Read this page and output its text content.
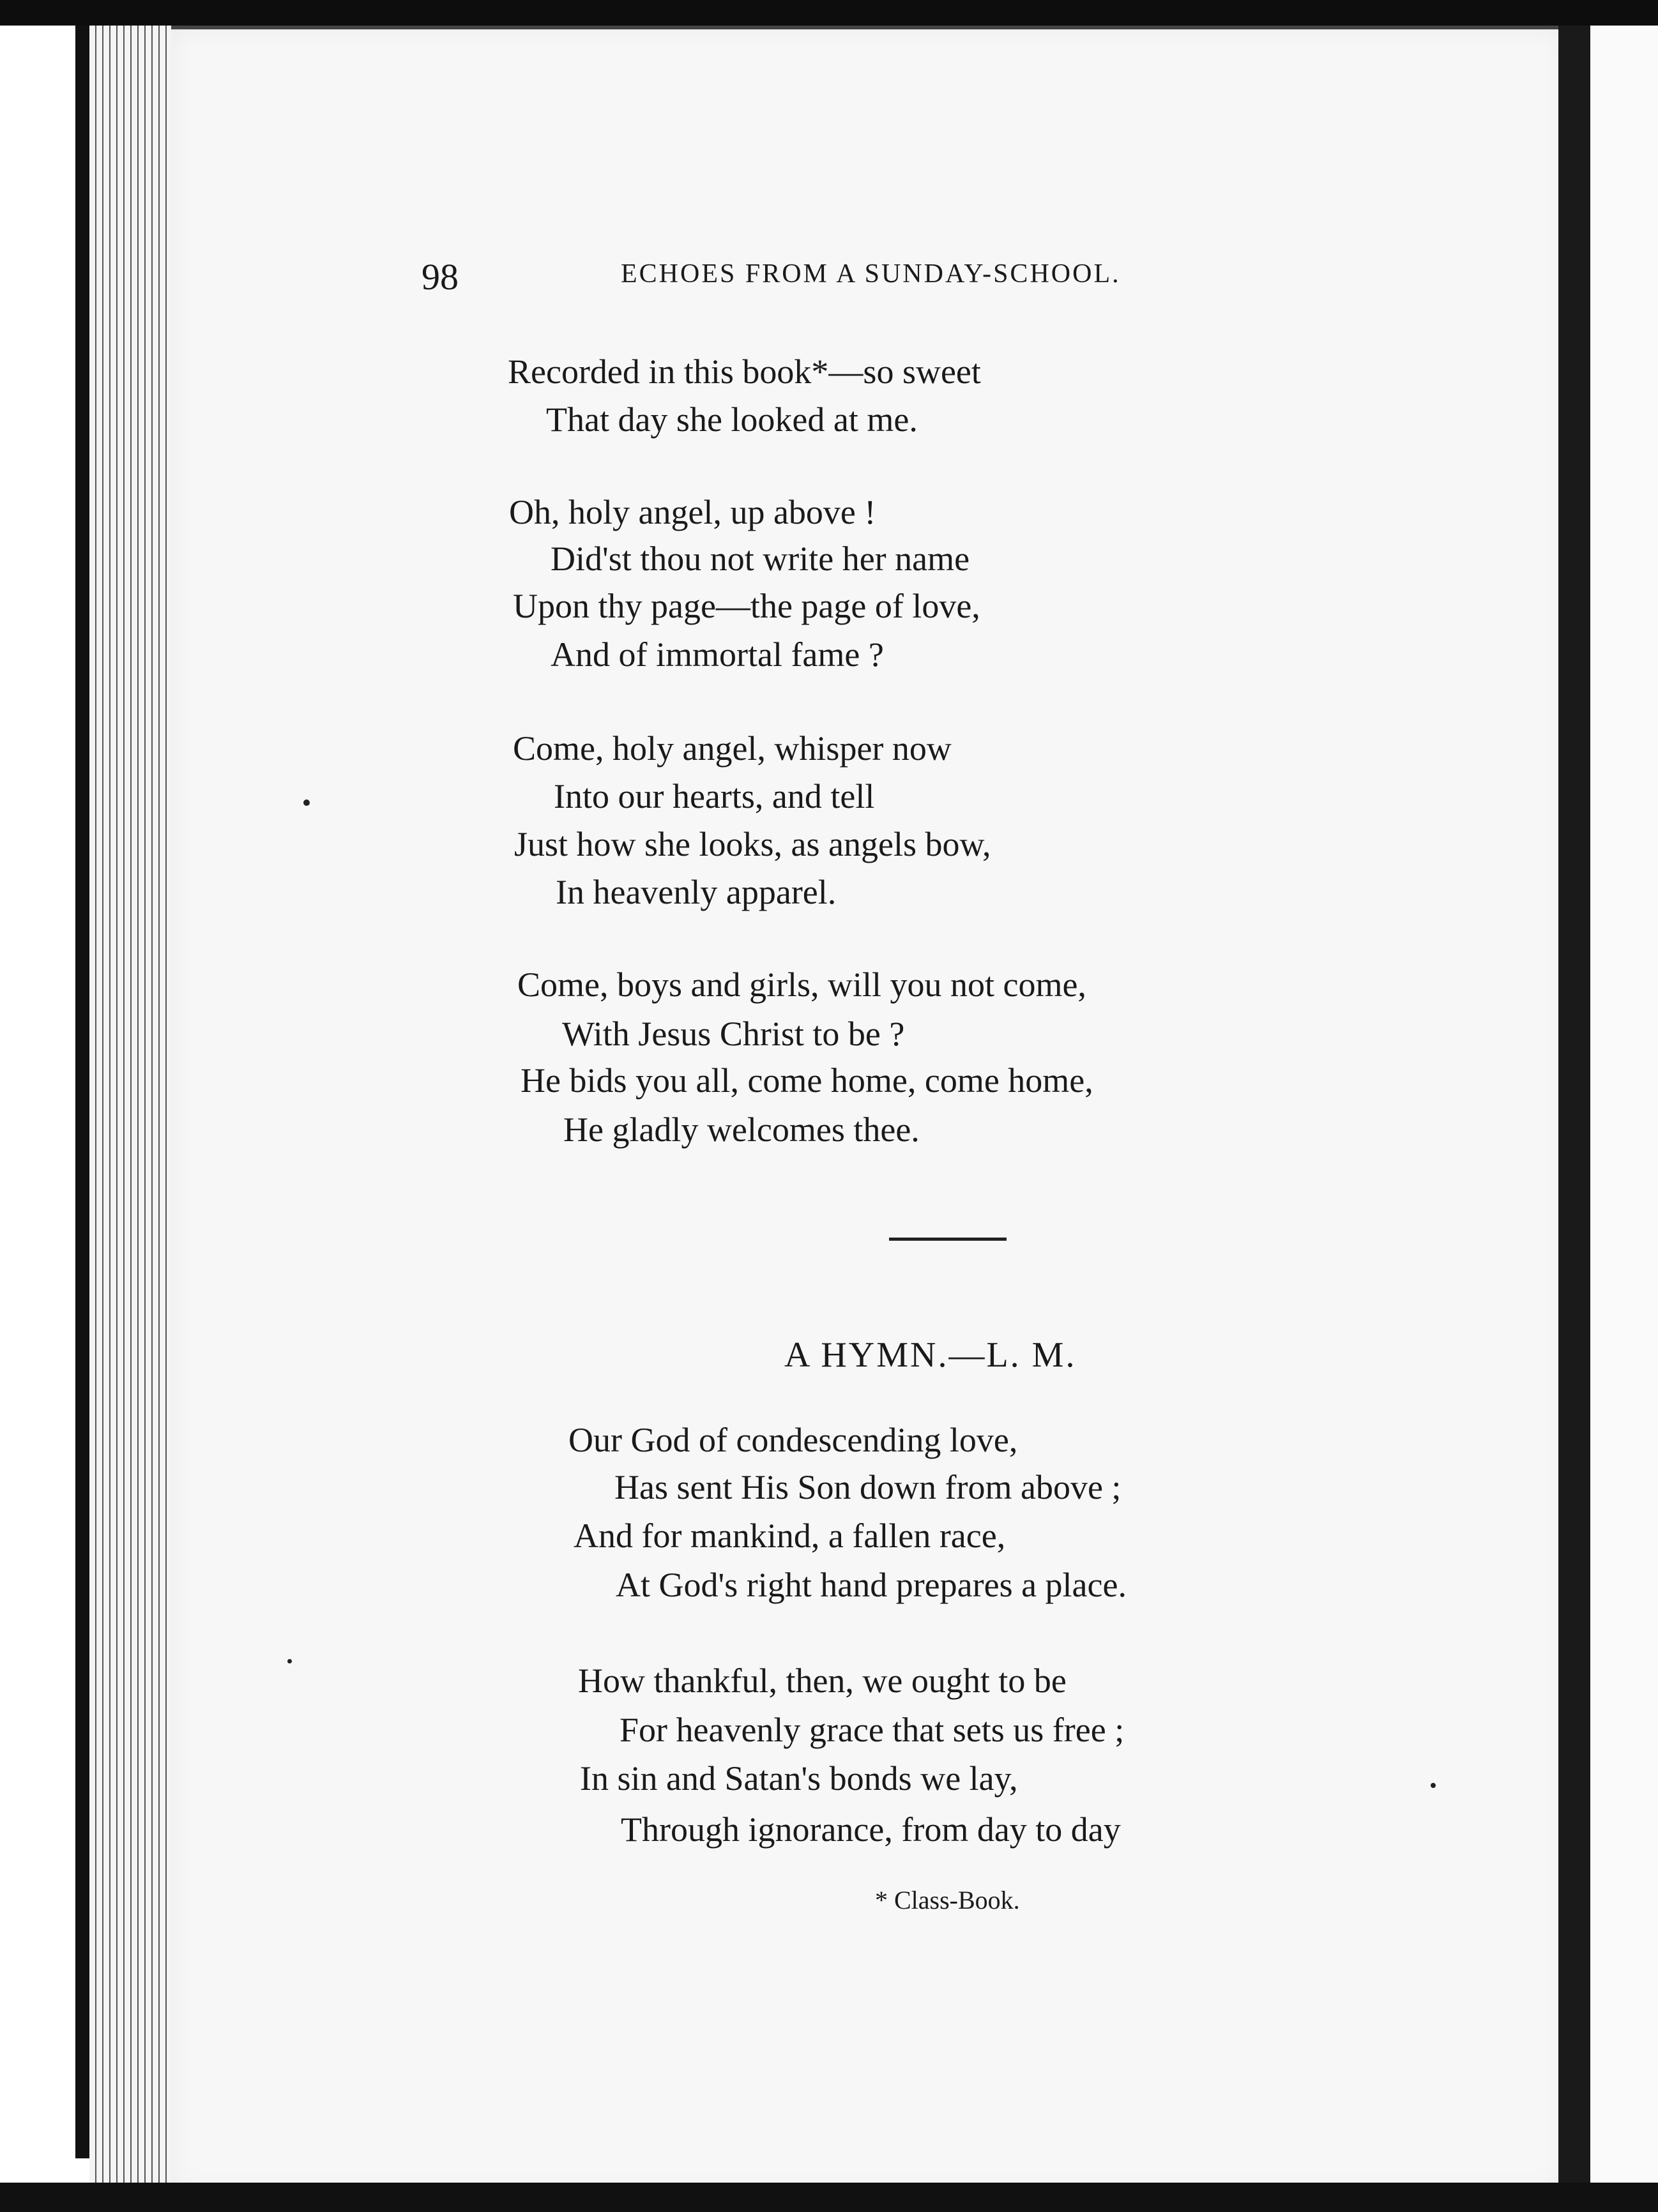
98	ECHOES FROM A SUNDAY-SCHOOL.
Recorded in this book*—so sweet
That day she looked at me.
Oh, holy angel, up above !
Did'st thou not write her name
Upon thy page—the page of love,
And of immortal fame ?
Come, holy angel, whisper now
Into our hearts, and tell
Just how she looks, as angels bow,
In heavenly apparel.
Come, boys and girls, will you not come,
With Jesus Christ to be ?
He bids you all, come home, come home,
He gladly welcomes thee.
A HYMN.—L. M.
Our God of condescending love,
Has sent His Son down from above ;
And for mankind, a fallen race,
At God's right hand prepares a place.
How thankful, then, we ought to be
For heavenly grace that sets us free ;
In sin and Satan's bonds we lay,
Through ignorance, from day to day
* Class-Book.
